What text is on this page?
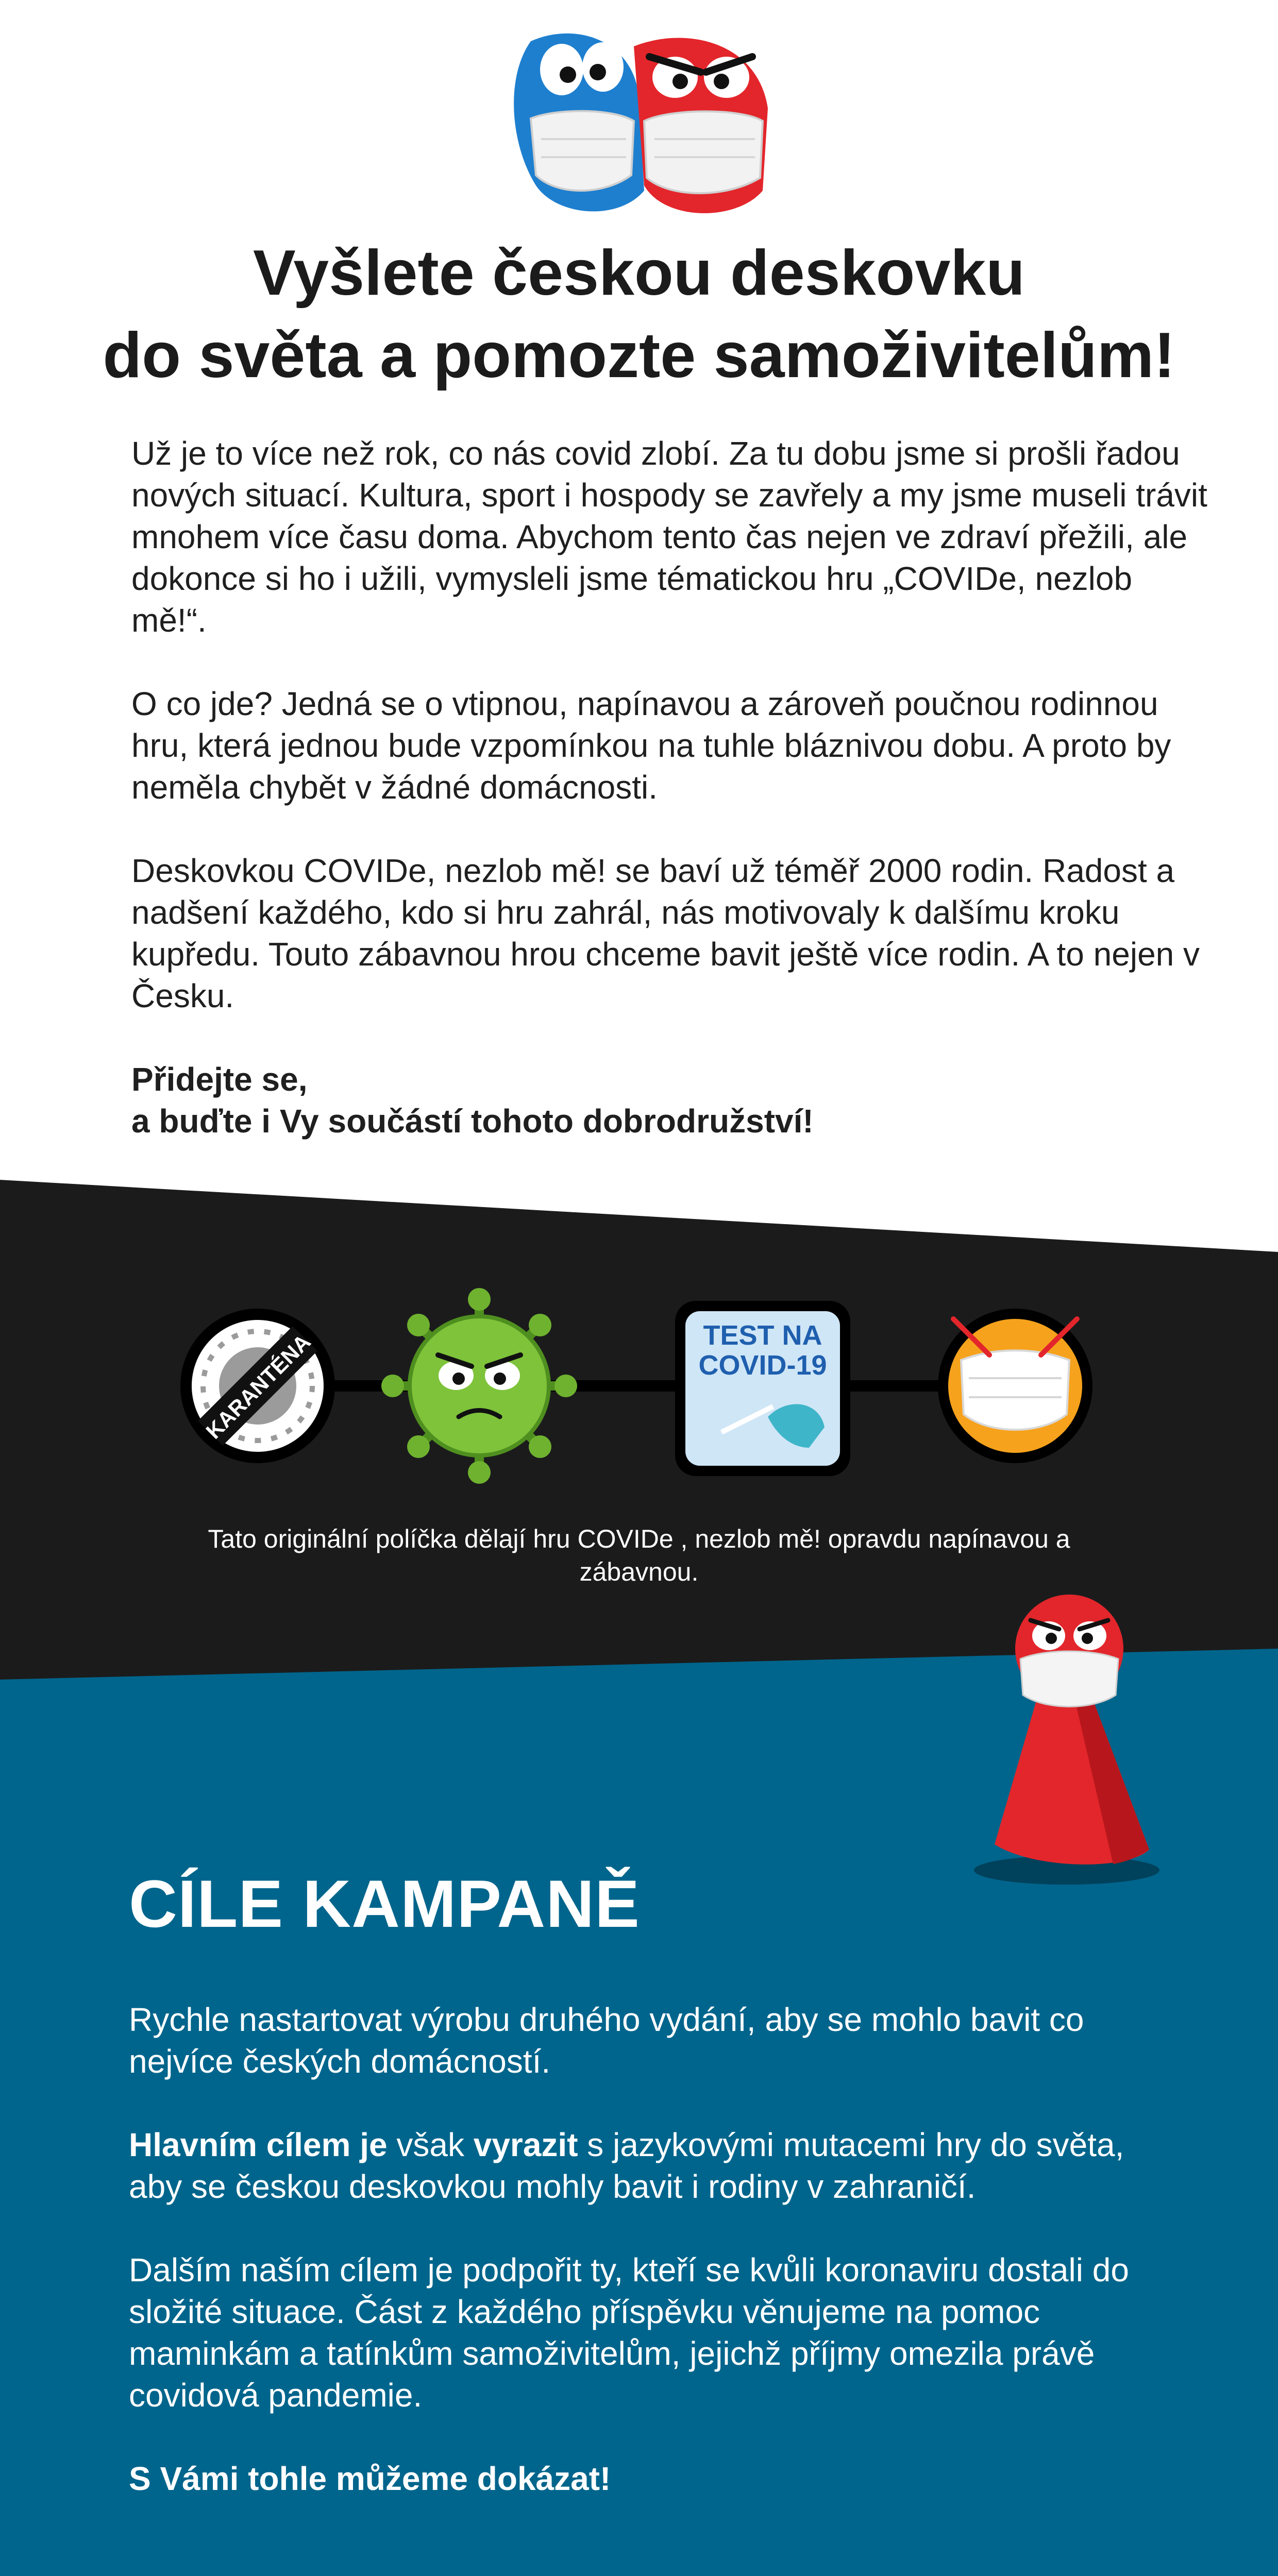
Vyšlete českou deskovku
do světa a pomozte samoživitelům!

Už je to více než rok, co nás covid zlobí. Za tu dobu jsme si prošli řadou nových situací. Kultura, sport i hospody se zavřely a my jsme museli trávit mnohem více času doma. Abychom tento čas nejen ve zdraví přežili, ale dokonce si ho i užili, vymysleli jsme tématickou hru „COVIDe, nezlob mě!“.

O co jde? Jedná se o vtipnou, napínavou a zároveň poučnou rodinnou hru, která jednou bude vzpomínkou na tuhle bláznivou dobu. A proto by neměla chybět v žádné domácnosti.

Deskovkou COVIDe, nezlob mě! se baví už téměř 2000 rodin. Radost a nadšení každého, kdo si hru zahrál, nás motivovaly k dalšímu kroku kupředu. Touto zábavnou hrou chceme bavit ještě více rodin. A to nejen v Česku.

Přidejte se,
a buďte i Vy součástí tohoto dobrodružství!

KARANTÉNA	TEST NA
COVID-19
Tato originální políčka dělají hru COVIDe , nezlob mě! opravdu napínavou a zábavnou.
CÍLE KAMPANĚ

Rychle nastartovat výrobu druhého vydání, aby se mohlo bavit co nejvíce českých domácností.

Hlavním cílem je však vyrazit s jazykovými mutacemi hry do světa, aby se českou deskovkou mohly bavit i rodiny v zahraničí.

Dalším naším cílem je podpořit ty, kteří se kvůli koronaviru dostali do složité situace. Část z každého příspěvku věnujeme na pomoc maminkám a tatínkům samoživitelům, jejichž příjmy omezila právě covidová pandemie.

S Vámi tohle můžeme dokázat!
